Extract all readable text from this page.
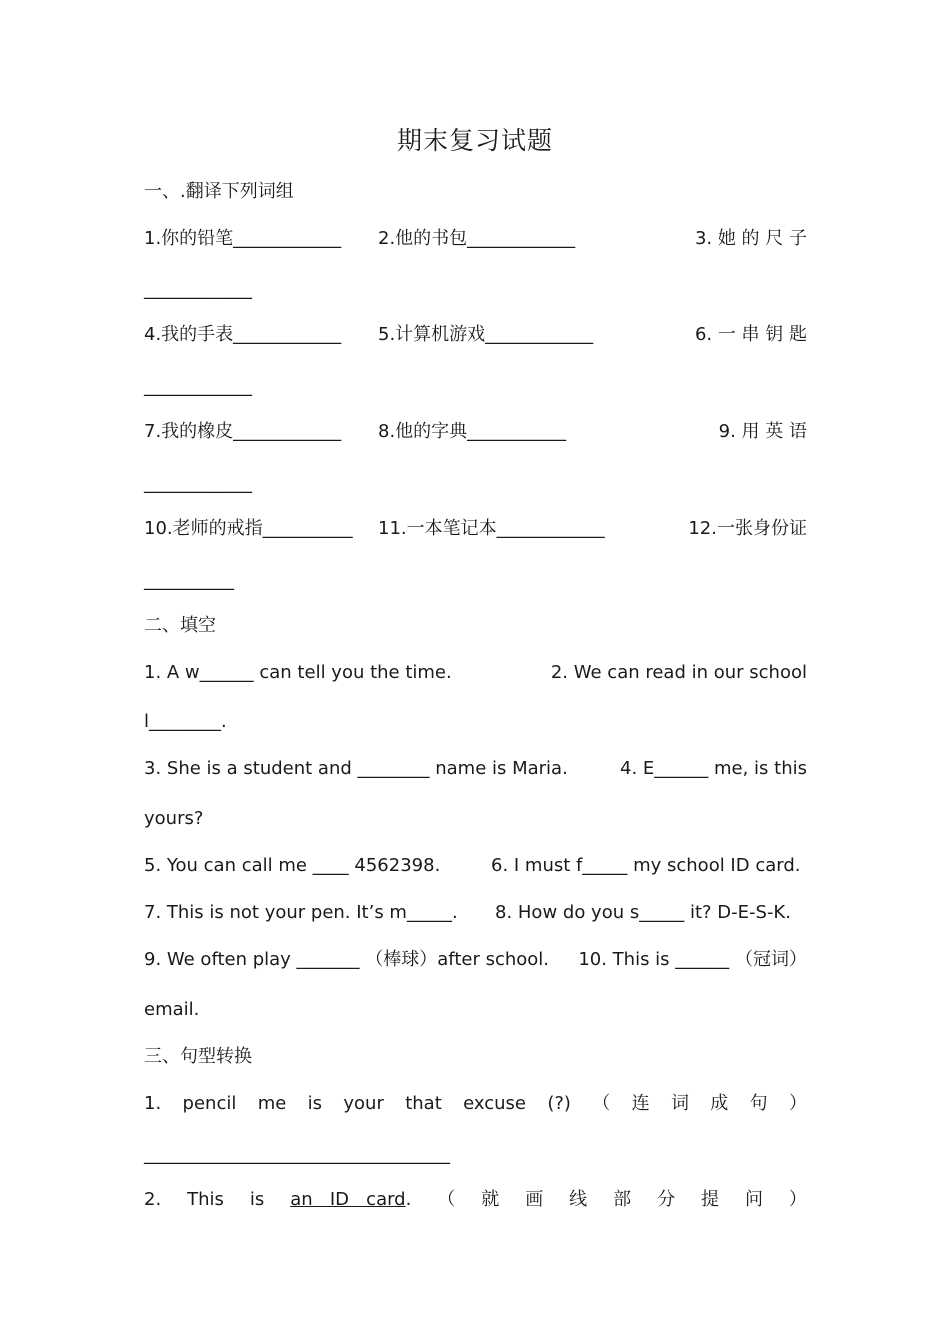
期末复习试题
一、.翻译下列词组
1.你的铅笔____________ 2.他的书包____________	3. 她 的 尺 子
____________
4.我的手表____________ 5.计算机游戏____________	6. 一 串 钥 匙
____________
7.我的橡皮____________ 8.他的字典___________	9. 用 英 语
____________
10.老师的戒指__________ 11.一本笔记本____________	12.一张身份证
__________
二、填空
1. A w______ can tell you the time.	2. We can read in our school
l________.
3. She is a student and ________ name is Maria.	4. E______ me, is this
yours?
5. You can call me ____ 4562398.	6. I must f_____ my school ID card.
7. This is not your pen. It’s m_____. 8. How do you s_____ it? D-E-S-K.
9. We often play _______ （棒球）after school. 10. This is ______ （冠词）
email.
三、句型转换
1. pencil me is your that excuse (?) （ 连 词 成 句 ）
__________________________________
2. This is an   ID   card. （ 就 画 线 部 分 提 问 ）
